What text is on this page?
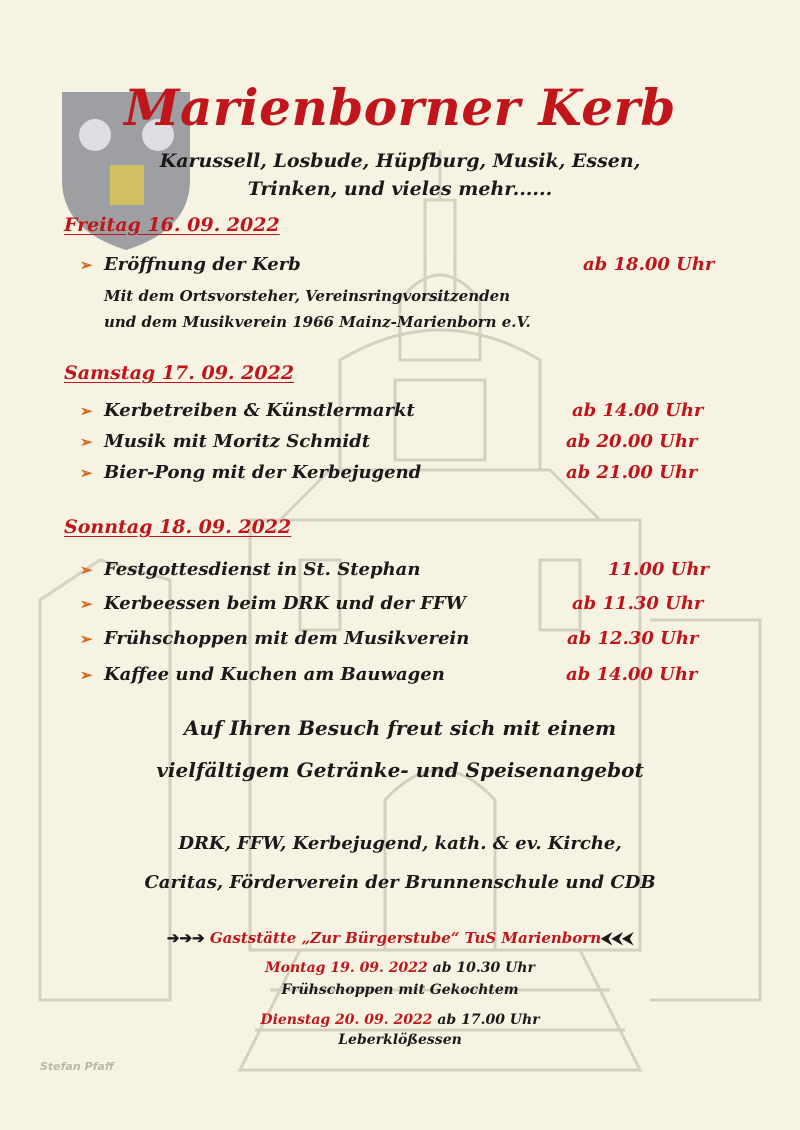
Stefan Pfaff
Marienborner Kerb
Karussell, Losbude, Hüpfburg, Musik, Essen,
Trinken, und vieles mehr......
Freitag 16. 09. 2022
➢ Eröffnung der Kerb	ab 18.00 Uhr
Mit dem Ortsvorsteher, Vereinsringvorsitzenden
und dem Musikverein 1966 Mainz-Marienborn e.V.
Samstag 17. 09. 2022
➢ Kerbetreiben & Künstlermarkt	ab 14.00 Uhr
➢ Musik mit Moritz Schmidt	ab 20.00 Uhr
➢ Bier-Pong mit der Kerbejugend	ab 21.00 Uhr
Sonntag 18. 09. 2022
➢ Festgottesdienst in St. Stephan	11.00 Uhr
➢ Kerbeessen beim DRK und der FFW	ab 11.30 Uhr
➢ Frühschoppen mit dem Musikverein	ab 12.30 Uhr
➢ Kaffee und Kuchen am Bauwagen	ab 14.00 Uhr
Auf Ihren Besuch freut sich mit einem
vielfältigem Getränke- und Speisenangebot
DRK, FFW, Kerbejugend, kath. & ev. Kirche,
Caritas, Förderverein der Brunnenschule und CDB
➔➔➔ Gaststätte „Zur Bürgerstube“ TuS Marienborn⮜⮜⮜
Montag 19. 09. 2022 ab 10.30 Uhr
Frühschoppen mit Gekochtem
Dienstag 20. 09. 2022 ab 17.00 Uhr
Leberklößessen
